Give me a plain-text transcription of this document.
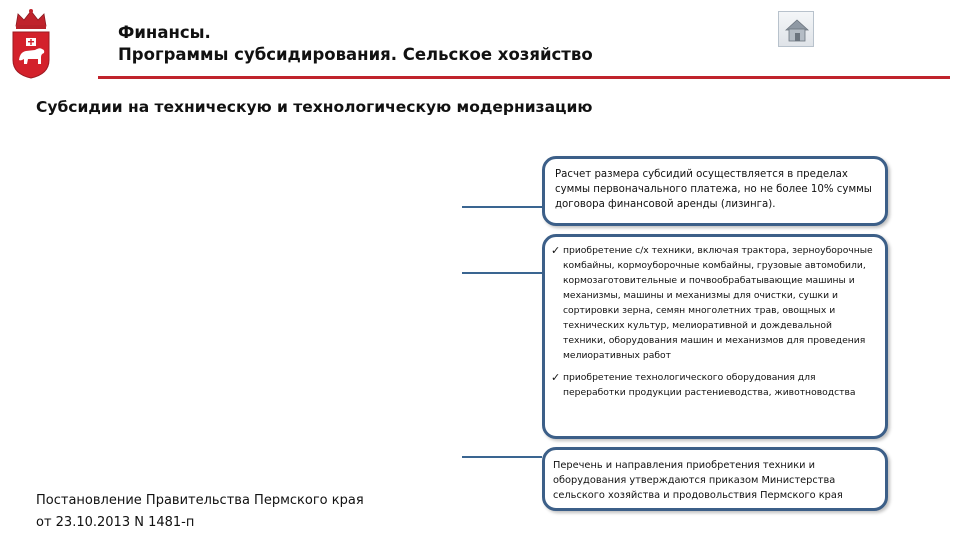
Финансы.
Программы субсидирования. Сельское хозяйство
Субсидии на техническую и технологическую модернизацию
Расчет размера субсидий осуществляется в пределах суммы первоначального платежа, но не более 10% суммы договора финансовой аренды (лизинга).
✓ приобретение с/х техники, включая трактора, зерноуборочные комбайны, кормоуборочные комбайны, грузовые автомобили, кормозаготовительные и почвообрабатывающие машины и механизмы, машины и механизмы для очистки, сушки и сортировки зерна, семян многолетних трав, овощных и технических культур, мелиоративной и дождевальной техники, оборудования машин и механизмов для проведения мелиоративных работ
✓ приобретение технологического оборудования для переработки продукции растениеводства, животноводства
Перечень и направления приобретения техники и оборудования утверждаются приказом Министерства сельского хозяйства и продовольствия Пермского края
Постановление Правительства Пермского края
от 23.10.2013 N 1481-п
